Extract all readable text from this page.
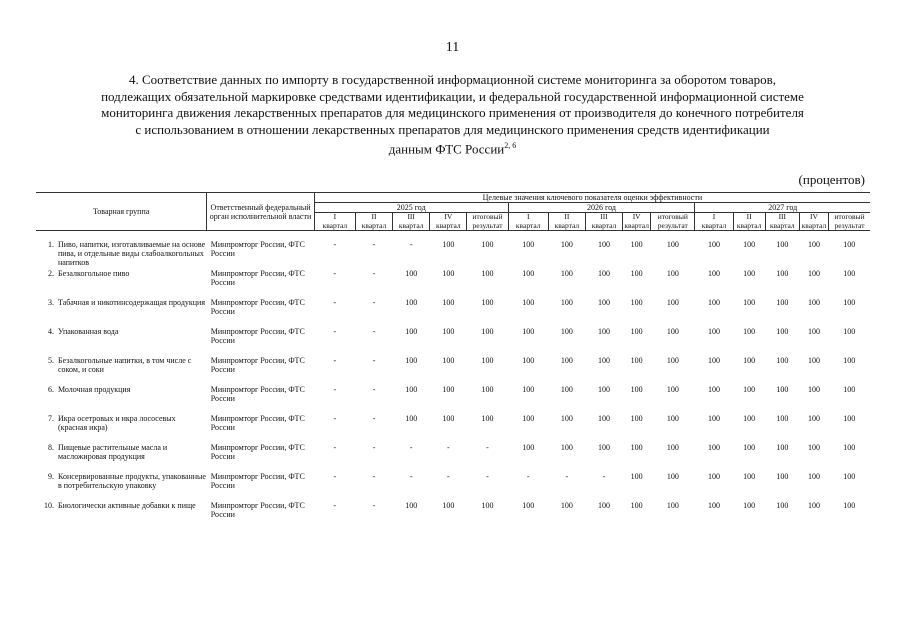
11
4. Соответствие данных по импорту в государственной информационной системе мониторинга за оборотом товаров,
подлежащих обязательной маркировке средствами идентификации, и федеральной государственной информационной системе
мониторинга движения лекарственных препаратов для медицинского применения от производителя до конечного потребителя
с использованием в отношении лекарственных препаратов для медицинского применения средств идентификации
данным ФТС России$^{2, 6}$
(процентов)
Товарная группа	Ответственный федеральный орган исполнительной власти	Целевые значения ключевого показателя оценки эффективности														
		2025 год					2026 год					2027 год				

		I
квартал	II
квартал	III
квартал	IV
квартал	итоговый
результат	I
квартал	II
квартал	III
квартал	IV
квартал	итоговый
результат	I
квартал	II
квартал	III
квартал	IV
квартал	итоговый
результат

1. Пиво, напитки, изготавливаемые на основе пива, и отдельные виды слабоалкогольных напитков	Минпромторг России, ФТС России	-	-	-	100	100	100	100	100	100	100	100	100	100	100	100

2. Безалкогольное пиво	Минпромторг России, ФТС России	-	-	100	100	100	100	100	100	100	100	100	100	100	100	100

3. Табачная и никотинсодержащая продукция	Минпромторг России, ФТС России	-	-	100	100	100	100	100	100	100	100	100	100	100	100	100

4. Упакованная вода	Минпромторг России, ФТС России	-	-	100	100	100	100	100	100	100	100	100	100	100	100	100

5. Безалкогольные напитки, в том числе с соком, и соки	Минпромторг России, ФТС России	-	-	100	100	100	100	100	100	100	100	100	100	100	100	100

6. Молочная продукция	Минпромторг России, ФТС России	-	-	100	100	100	100	100	100	100	100	100	100	100	100	100

7. Икра осетровых и икра лососевых (красная икра)	Минпромторг России, ФТС России	-	-	100	100	100	100	100	100	100	100	100	100	100	100	100

8. Пищевые растительные масла и масложировая продукция	Минпромторг России, ФТС России	-	-	-	-	-	100	100	100	100	100	100	100	100	100	100

9. Консервированные продукты, упакованные в потребительскую упаковку	Минпромторг России, ФТС России	-	-	-	-	-	-	-	-	100	100	100	100	100	100	100

10. Биологически активные добавки к пище	Минпромторг России, ФТС России	-	-	100	100	100	100	100	100	100	100	100	100	100	100	100
